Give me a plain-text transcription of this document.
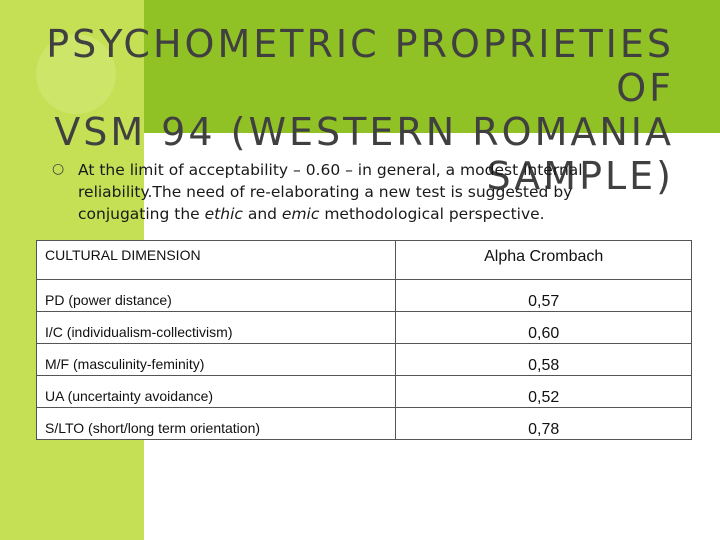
PSYCHOMETRIC PROPRIETIES OF
VSM 94 (WESTERN ROMANIA
SAMPLE)
○ At the limit of acceptability – 0.60 – in general, a modest internal reliability.The need of re-elaborating a new test is suggested by conjugating the ethic and emic methodological perspective.

CULTURAL DIMENSION	Alpha Crombach
PD (power distance)	0,57
I/C (individualism-collectivism)	0,60
M/F (masculinity-feminity)	0,58
UA (uncertainty avoidance)	0,52
S/LTO (short/long term orientation)	0,78
